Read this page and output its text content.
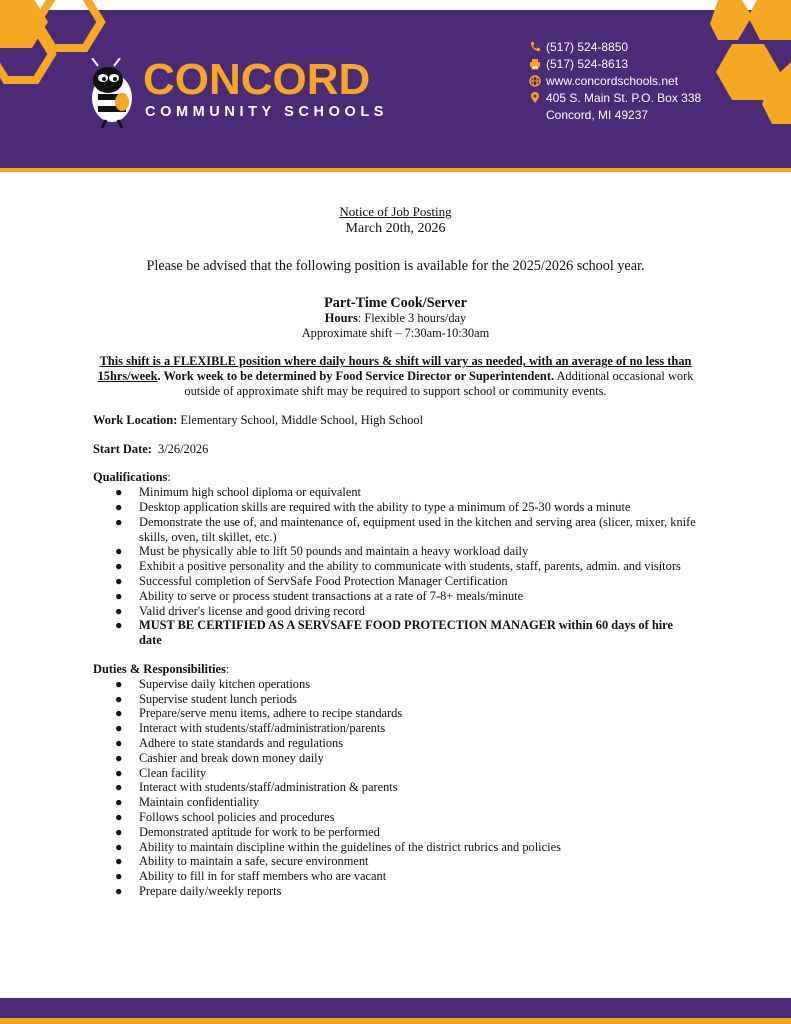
CONCORD
COMMUNITY SCHOOLS
(517) 524-8850
(517) 524-8613
www.concordschools.net
405 S. Main St. P.O. Box 338
Concord, MI 49237
Notice of Job Posting
March 20th, 2026
Please be advised that the following position is available for the 2025/2026 school year.
Part-Time Cook/Server
Hours: Flexible 3 hours/day
Approximate shift – 7:30am-10:30am
This shift is a FLEXIBLE position where daily hours & shift will vary as needed, with an average of no less than 15hrs/week. Work week to be determined by Food Service Director or Superintendent. Additional occasional work outside of approximate shift may be required to support school or community events.
Work Location: Elementary School, Middle School, High School
Start Date:  3/26/2026
Qualifications:
● Minimum high school diploma or equivalent
● Desktop application skills are required with the ability to type a minimum of 25-30 words a minute
● Demonstrate the use of, and maintenance of, equipment used in the kitchen and serving area (slicer, mixer, knife skills, oven, tilt skillet, etc.)
● Must be physically able to lift 50 pounds and maintain a heavy workload daily
● Exhibit a positive personality and the ability to communicate with students, staff, parents, admin. and visitors
● Successful completion of ServSafe Food Protection Manager Certification
● Ability to serve or process student transactions at a rate of 7-8+ meals/minute
● Valid driver's license and good driving record
● MUST BE CERTIFIED AS A SERVSAFE FOOD PROTECTION MANAGER within 60 days of hire date
Duties & Responsibilities:
● Supervise daily kitchen operations
● Supervise student lunch periods
● Prepare/serve menu items, adhere to recipe standards
● Interact with students/staff/administration/parents
● Adhere to state standards and regulations
● Cashier and break down money daily
● Clean facility
● Interact with students/staff/administration & parents
● Maintain confidentiality
● Follows school policies and procedures
● Demonstrated aptitude for work to be performed
● Ability to maintain discipline within the guidelines of the district rubrics and policies
● Ability to maintain a safe, secure environment
● Ability to fill in for staff members who are vacant
● Prepare daily/weekly reports
